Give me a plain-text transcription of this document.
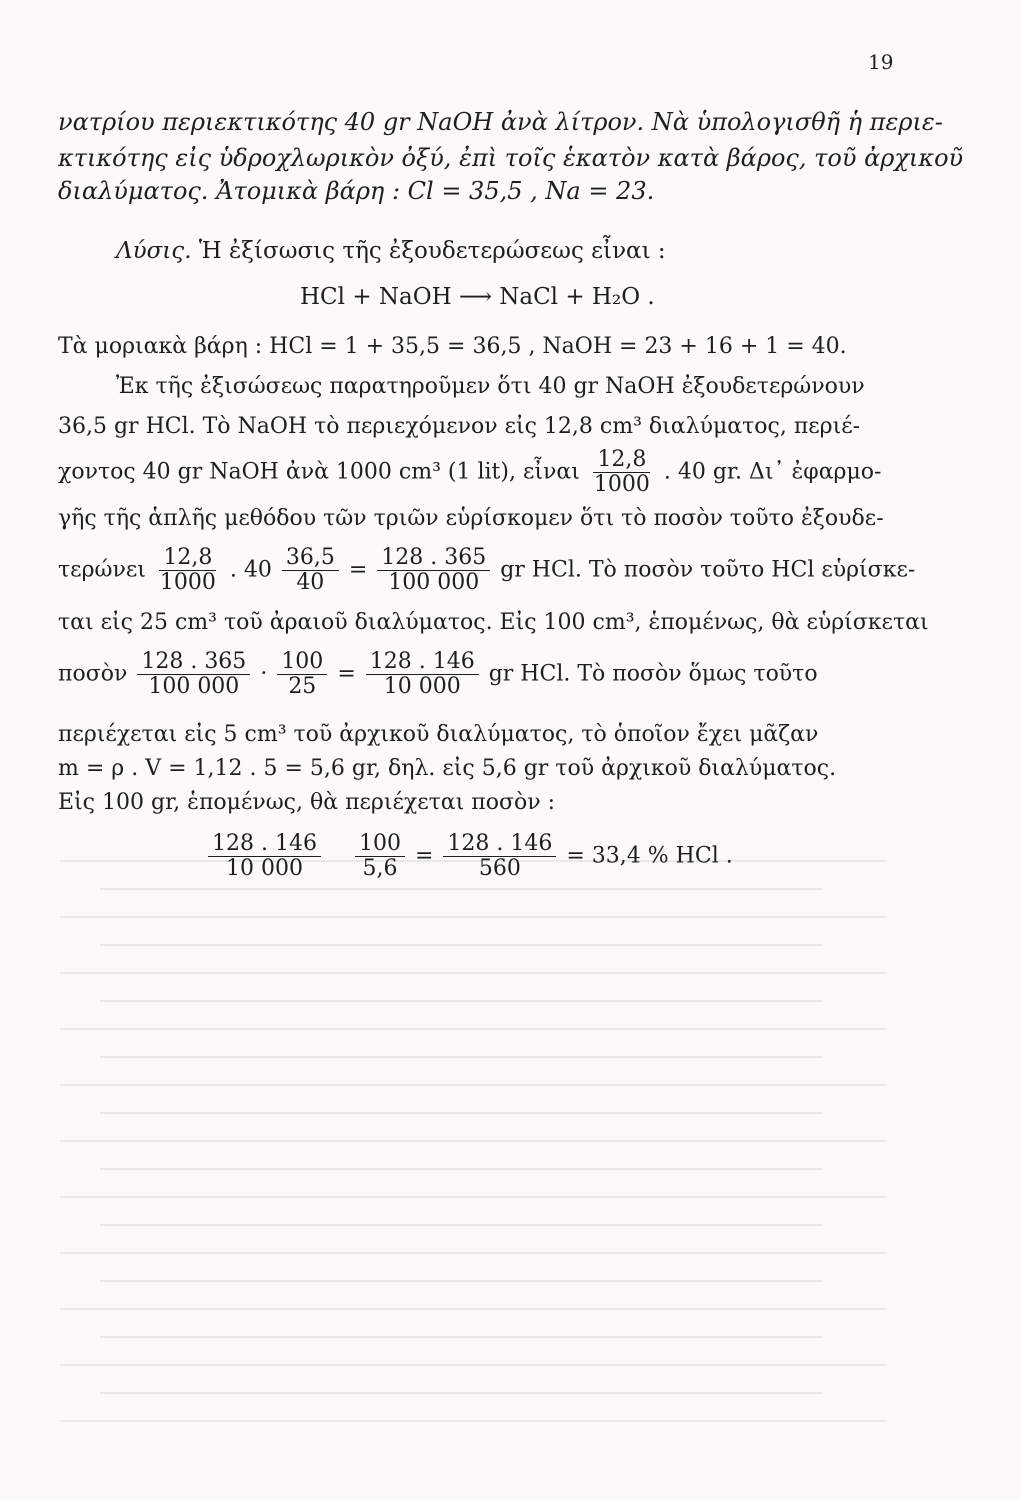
19
νατρίου περιεκτικότης 40 gr NaOH ἀνὰ λίτρον. Νὰ ὑπολογισθῆ ἡ περιε-
κτικότης εἰς ὑδροχλωρικὸν ὀξύ, ἐπὶ τοῖς ἑκατὸν κατὰ βάρος, τοῦ ἀρχικοῦ
διαλύματος. Ἀτομικὰ βάρη : Cl = 35,5 , Na = 23.
Λύσις. Ἡ ἐξίσωσις τῆς ἐξουδετερώσεως εἶναι :
HCl + NaOH ⟶ NaCl + H₂O .
Τὰ μοριακὰ βάρη : HCl = 1 + 35,5 = 36,5 , NaOH = 23 + 16 + 1 = 40.
Ἐκ τῆς ἐξισώσεως παρατηροῦμεν ὅτι 40 gr NaOH ἐξουδετερώνουν
36,5 gr HCl. Τὸ NaOH τὸ περιεχόμενον εἰς 12,8 cm³ διαλύματος, περιέ-
χοντος 40 gr NaOH ἀνὰ 1000 cm³ (1 lit), εἶναι $\frac{12,8}{1000}$ . 40 gr. Δι᾽ ἐφαρμο-
γῆς τῆς ἁπλῆς μεθόδου τῶν τριῶν εὑρίσκομεν ὅτι τὸ ποσὸν τοῦτο ἐξουδε-
τερώνει $\frac{12,8}{1000}$ . $40 \frac{36,5}{40} = \frac{128 . 365}{100 000}$ gr HCl. Τὸ ποσὸν τοῦτο HCl εὑρίσκε-
ται εἰς 25 cm³ τοῦ ἀραιοῦ διαλύματος. Εἰς 100 cm³, ἑπομένως, θὰ εὑρίσκεται
ποσὸν $\frac{128 . 365}{100 000} \cdot \frac{100}{25} = \frac{128 . 146}{10 000}$ gr HCl. Τὸ ποσὸν ὅμως τοῦτο
περιέχεται εἰς 5 cm³ τοῦ ἀρχικοῦ διαλύματος, τὸ ὁποῖον ἔχει μᾶζαν
m = ρ . V = 1,12 . 5 = 5,6 gr, δηλ. εἰς 5,6 gr τοῦ ἀρχικοῦ διαλύματος.
Εἰς 100 gr, ἑπομένως, θὰ περιέχεται ποσὸν :
$\frac{128 . 146}{10 000}$
$\frac{100}{5,6} = \frac{128 . 146}{560} = 33,4$ % HCl .
